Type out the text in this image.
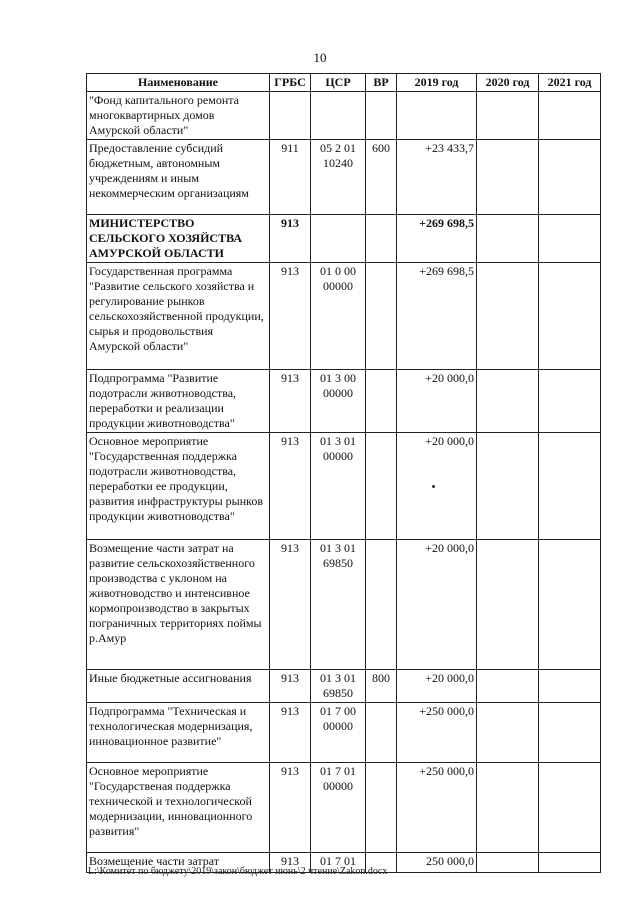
10
Наименование	ГРБС	ЦСР	ВР	2019 год	2020 год	2021 год
"Фонд капитального ремонта многоквартирных домов Амурской области"						
Предоставление субсидий бюджетным, автономным учреждениям и иным некоммерческим организациям	911	05 2 01 10240	600	+23 433,7		
МИНИСТЕРСТВО СЕЛЬСКОГО ХОЗЯЙСТВА АМУРСКОЙ ОБЛАСТИ	913			+269 698,5		
Государственная программа "Развитие сельского хозяйства и регулирование рынков сельскохозяйственной продукции, сырья и продовольствия Амурской области"	913	01 0 00 00000		+269 698,5		
Подпрограмма "Развитие подотрасли животноводства, переработки и реализации продукции животноводства"	913	01 3 00 00000		+20 000,0		
Основное мероприятие "Государственная поддержка подотрасли животноводства, переработки ее продукции, развития инфраструктуры рынков продукции животноводства"	913	01 3 01 00000		+20 000,0		
Возмещение части затрат на развитие сельскохозяйственного производства с уклоном на животноводство и интенсивное кормопроизводство в закрытых пограничных территориях поймы р.Амур	913	01 3 01 69850		+20 000,0		
Иные бюджетные ассигнования	913	01 3 01 69850	800	+20 000,0		
Подпрограмма "Техническая и технологическая модернизация, инновационное развитие"	913	01 7 00 00000		+250 000,0		
Основное мероприятие "Государственая поддержка технической и технологической модернизации, инновационного развития"	913	01 7 01 00000		+250 000,0		
Возмещение части затрат	913	01 7 01		250 000,0		
L:\Комитет по бюджету\2019\закон\бюджет июнь\2 чтение\Zakon.docx
